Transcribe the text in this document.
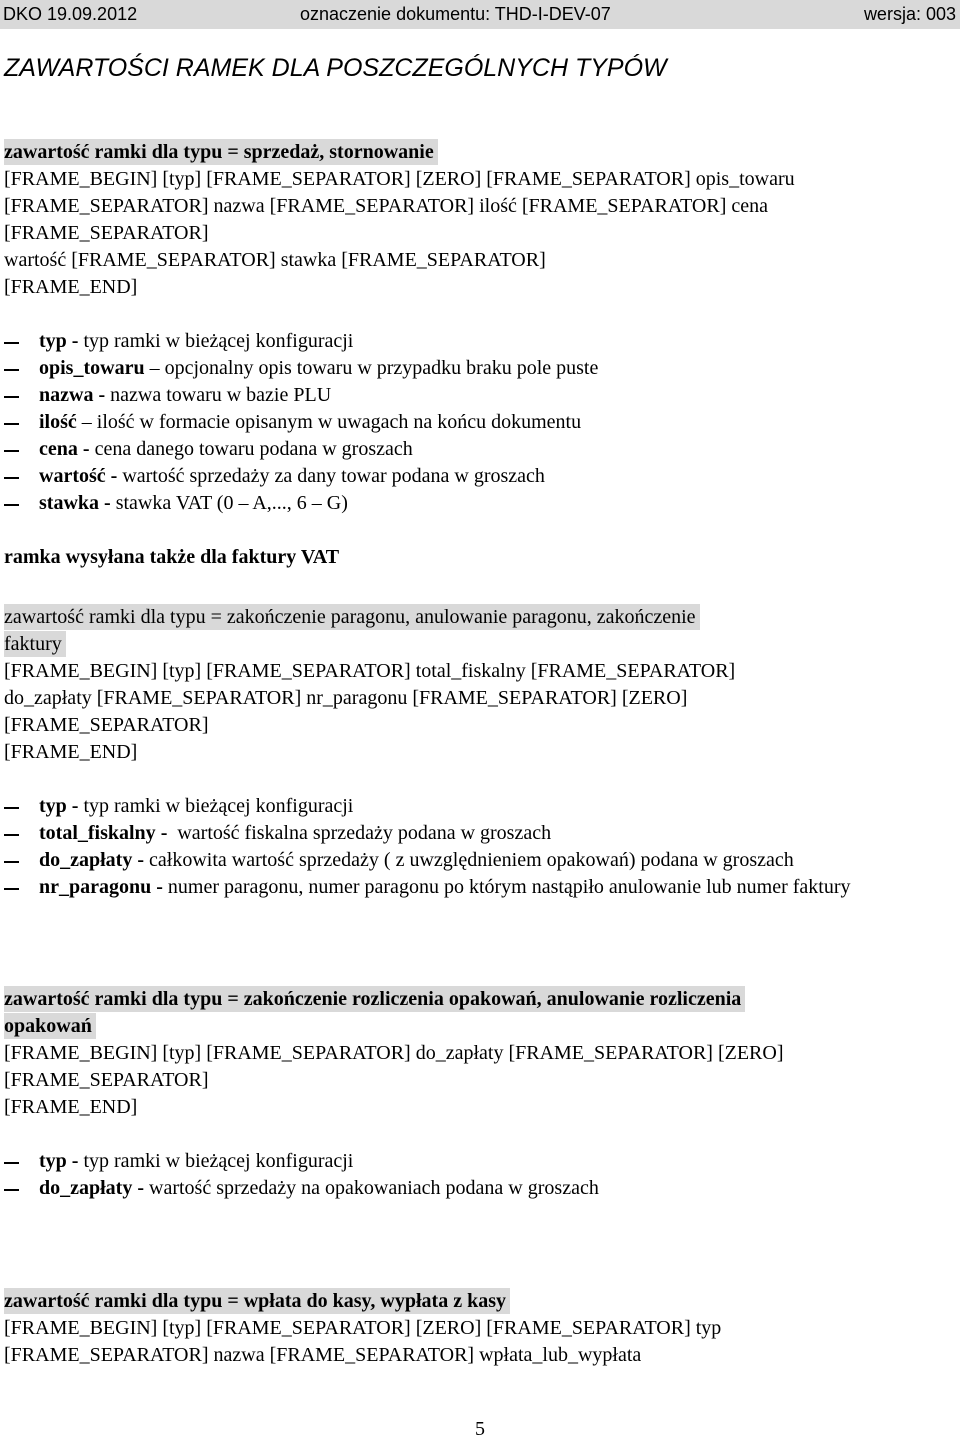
DKO 19.09.2012	oznaczenie dokumentu: THD-I-DEV-07	wersja: 003
ZAWARTOŚCI RAMEK DLA POSZCZEGÓLNYCH TYPÓW
zawartość ramki dla typu = sprzedaż, stornowanie
[FRAME_BEGIN] [typ] [FRAME_SEPARATOR] [ZERO] [FRAME_SEPARATOR] opis_towaru
[FRAME_SEPARATOR] nazwa [FRAME_SEPARATOR] ilość [FRAME_SEPARATOR] cena
[FRAME_SEPARATOR]
wartość [FRAME_SEPARATOR] stawka [FRAME_SEPARATOR]
[FRAME_END]
typ - typ ramki w bieżącej konfiguracji
opis_towaru – opcjonalny opis towaru w przypadku braku pole puste
nazwa - nazwa towaru w bazie PLU
ilość – ilość w formacie opisanym w uwagach na końcu dokumentu
cena - cena danego towaru podana w groszach
wartość - wartość sprzedaży za dany towar podana w groszach
stawka - stawka VAT (0 – A,..., 6 – G)
ramka wysyłana także dla faktury VAT
zawartość ramki dla typu = zakończenie paragonu, anulowanie paragonu, zakończenie
faktury
[FRAME_BEGIN] [typ] [FRAME_SEPARATOR] total_fiskalny [FRAME_SEPARATOR]
do_zapłaty [FRAME_SEPARATOR] nr_paragonu [FRAME_SEPARATOR] [ZERO]
[FRAME_SEPARATOR]
[FRAME_END]
typ - typ ramki w bieżącej konfiguracji
total_fiskalny -  wartość fiskalna sprzedaży podana w groszach
do_zapłaty - całkowita wartość sprzedaży ( z uwzględnieniem opakowań) podana w groszach
nr_paragonu - numer paragonu, numer paragonu po którym nastąpiło anulowanie lub numer faktury
zawartość ramki dla typu = zakończenie rozliczenia opakowań, anulowanie rozliczenia
opakowań
[FRAME_BEGIN] [typ] [FRAME_SEPARATOR] do_zapłaty [FRAME_SEPARATOR] [ZERO]
[FRAME_SEPARATOR]
[FRAME_END]
typ - typ ramki w bieżącej konfiguracji
do_zapłaty - wartość sprzedaży na opakowaniach podana w groszach
zawartość ramki dla typu = wpłata do kasy, wypłata z kasy
[FRAME_BEGIN] [typ] [FRAME_SEPARATOR] [ZERO] [FRAME_SEPARATOR] typ
[FRAME_SEPARATOR] nazwa [FRAME_SEPARATOR] wpłata_lub_wypłata
5
